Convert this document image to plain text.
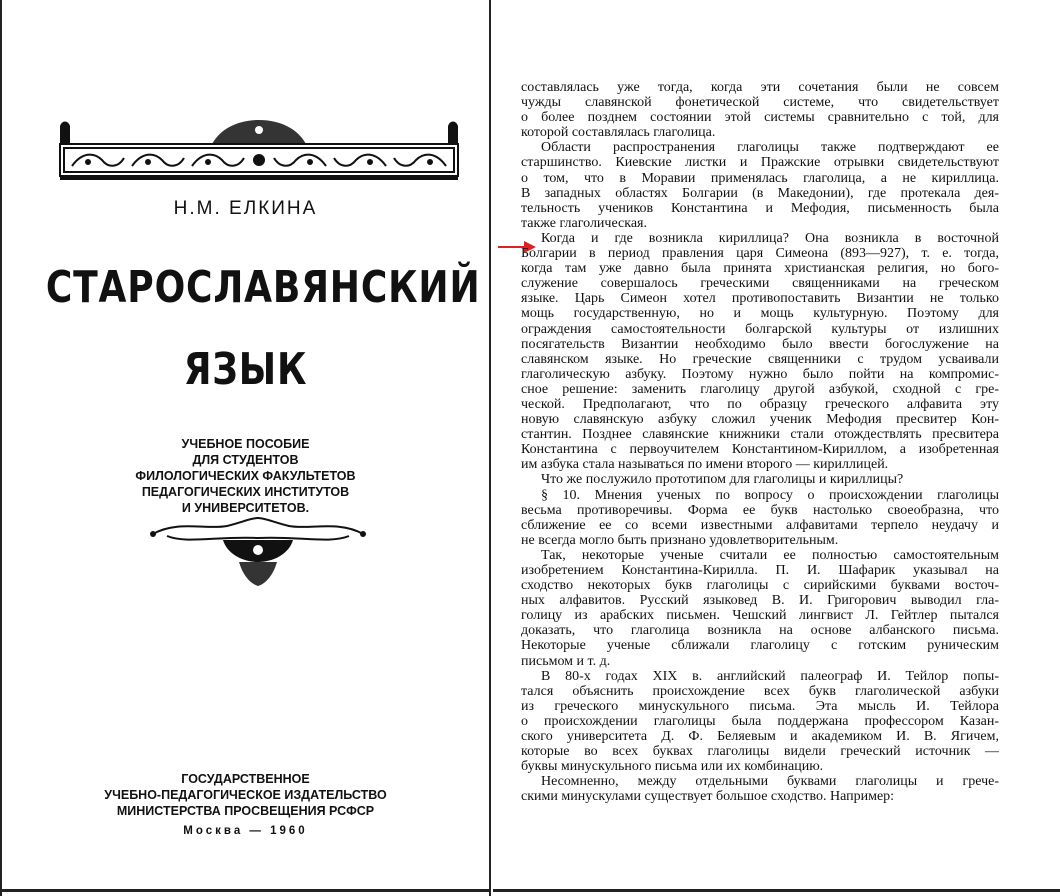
Н.М. ЕЛКИНА
СТАРОСЛАВЯНСКИЙ
ЯЗЫК
УЧЕБНОЕ ПОСОБИЕ
ДЛЯ СТУДЕНТОВ
ФИЛОЛОГИЧЕСКИХ ФАКУЛЬТЕТОВ
ПЕДАГОГИЧЕСКИХ ИНСТИТУТОВ
И УНИВЕРСИТЕТОВ.
ГОСУДАРСТВЕННОЕ
УЧЕБНО-ПЕДАГОГИЧЕСКОЕ ИЗДАТЕЛЬСТВО
МИНИСТЕРСТВА ПРОСВЕЩЕНИЯ РСФСР
Москва — 1960
составлялась уже тогда, когда эти сочетания были не совсем
чужды славянской фонетической системе, что свидетельствует
о более позднем состоянии этой системы сравнительно с той, для
которой составлялась глаголица.
Области распространения глаголицы также подтверждают ее
старшинство. Киевские листки и Пражские отрывки свидетельствуют
о том, что в Моравии применялась глаголица, а не кириллица.
В западных областях Болгарии (в Македонии), где протекала дея-
тельность учеников Константина и Мефодия, письменность была
также глаголическая.
Когда и где возникла кириллица? Она возникла в восточной
Болгарии в период правления царя Симеона (893—927), т. е. тогда,
когда там уже давно была принята христианская религия, но бого-
служение совершалось греческими священниками на греческом
языке. Царь Симеон хотел противопоставить Византии не только
мощь государственную, но и мощь культурную. Поэтому для
ограждения самостоятельности болгарской культуры от излишних
посягательств Византии необходимо было ввести богослужение на
славянском языке. Но греческие священники с трудом усваивали
глаголическую азбуку. Поэтому нужно было пойти на компромис-
сное решение: заменить глаголицу другой азбукой, сходной с гре-
ческой. Предполагают, что по образцу греческого алфавита эту
новую славянскую азбуку сложил ученик Мефодия пресвитер Кон-
стантин. Позднее славянские книжники стали отождествлять пресвитера
Константина с первоучителем Константином-Кириллом, а изобретенная
им азбука стала называться по имени второго — кириллицей.
Что же послужило прототипом для глаголицы и кириллицы?
§ 10. Мнения ученых по вопросу о происхождении глаголицы
весьма противоречивы. Форма ее букв настолько своеобразна, что
сближение ее со всеми известными алфавитами терпело неудачу и
не всегда могло быть признано удовлетворительным.
Так, некоторые ученые считали ее полностью самостоятельным
изобретением Константина-Кирилла. П. И. Шафарик указывал на
сходство некоторых букв глаголицы с сирийскими буквами восточ-
ных алфавитов. Русский языковед В. И. Григорович выводил гла-
голицу из арабских письмен. Чешский лингвист Л. Гейтлер пытался
доказать, что глаголица возникла на основе албанского письма.
Некоторые ученые сближали глаголицу с готским руническим
письмом и т. д.
В 80-х годах XIX в. английский палеограф И. Тейлор попы-
тался объяснить происхождение всех букв глаголической азбуки
из греческого минускульного письма. Эта мысль И. Тейлора
о происхождении глаголицы была поддержана профессором Казан-
ского университета Д. Ф. Беляевым и академиком И. В. Ягичем,
которые во всех буквах глаголицы видели греческий источник —
буквы минускульного письма или их комбинацию.
Несомненно, между отдельными буквами глаголицы и грече-
скими минускулами существует большое сходство. Например:
